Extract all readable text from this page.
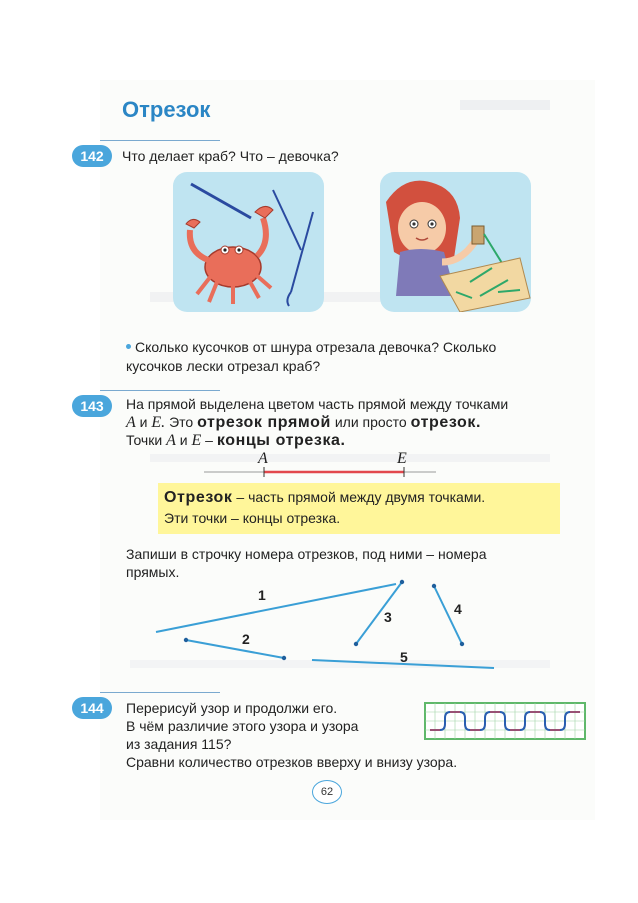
Отрезок
142	Что делает краб? Что – девочка?
Сколько кусочков от шнура отрезала девочка? Сколько
кусочков лески отрезал краб?
143	На прямой выделена цветом часть прямой между точками
A и E. Это отрезок прямой или просто отрезок.
Точки A и E – концы отрезка.
A	E
Отрезок – часть прямой между двумя точками.
Эти точки – концы отрезка.
Запиши в строчку номера отрезков, под ними – номера
прямых.
1
2
3	4
5
144	Перерисуй узор и продолжи его.
В чём различие этого узора и узора
из задания 115?
Сравни количество отрезков вверху и внизу узора.
62
